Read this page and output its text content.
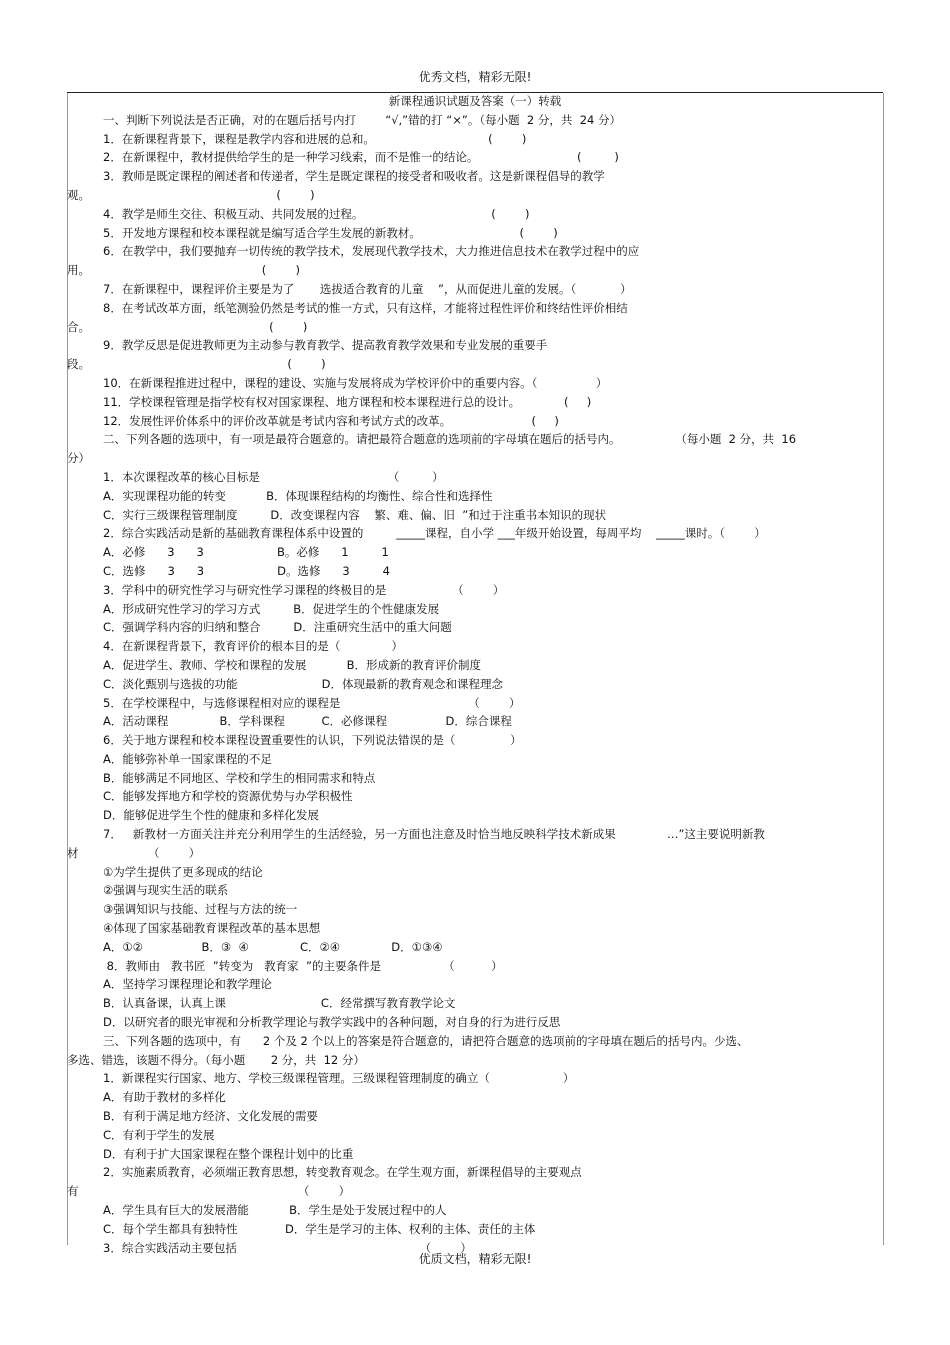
优秀文档，精彩无限!
新课程通识试题及答案（一）转载
一、判断下列说法是否正确，对的在题后括号内打        “√,”错的打 “×”。（每小题  2 分，共  24 分）
1．在新课程背景下，课程是教学内容和进展的总和。                               (        )
2．在新课程中，教材提供给学生的是一种学习线索，而不是惟一的结论。                           (         )
3．教师是既定课程的阐述者和传递者，学生是既定课程的接受者和吸收者。这是新课程倡导的教学
观。                                                   (        )
4．教学是师生交往、积极互动、共同发展的过程。                                   (        )
5．开发地方课程和校本课程就是编写适合学生发展的新教材。                           (        )
6．在教学中，我们要抛弃一切传统的教学技术，发展现代教学技术，大力推进信息技术在教学过程中的应
用。                                               (        )
7．在新课程中，课程评价主要是为了       选拔适合教育的儿童    ”，从而促进儿童的发展。（            ）
8．在考试改革方面，纸笔测验仍然是考试的惟一方式，只有这样，才能将过程性评价和终结性评价相结
合。                                                 (        )
9．教学反思是促进教师更为主动参与教育教学、提高教育教学效果和专业发展的重要手
段。                                                      (        )
10．在新课程推进过程中，课程的建设、实施与发展将成为学校评价中的重要内容。（                ）
11．学校课程管理是指学校有权对国家课程、地方课程和校本课程进行总的设计。            (     )
12．发展性评价体系中的评价改革就是考试内容和考试方式的改革。                      (     )
二、下列各题的选项中，有一项是最符合题意的。请把最符合题意的选项前的字母填在题后的括号内。               （每小题  2 分，共  16
分）
1．本次课程改革的核心目标是                                   （         ）
A．实现课程功能的转变           B．体现课程结构的均衡性、综合性和选择性
C．实行三级课程管理制度         D．改变课程内容    繁、难、偏、旧  ”和过于注重书本知识的现状
2．综合实践活动是新的基础教育课程体系中设置的         _____课程，自小学 ___年级开始设置，每周平均    _____课时。（        ）
A．必修      3      3                    B。必修      1         1
C．选修      3      3                    D。选修      3         4
3．学科中的研究性学习与研究性学习课程的终极目的是                  （        ）
A．形成研究性学习的学习方式         B．促进学生的个性健康发展
C．强调学科内容的归纳和整合         D．注重研究生活中的重大问题
4．在新课程背景下，教育评价的根本目的是（              ）
A．促进学生、教师、学校和课程的发展           B．形成新的教育评价制度
C．淡化甄别与选拔的功能                       D．体现最新的教育观念和课程理念
5．在学校课程中，与选修课程相对应的课程是                                   （        ）
A．活动课程              B．学科课程          C．必修课程                D．综合课程
6．关于地方课程和校本课程设置重要性的认识，下列说法错误的是（               ）
A．能够弥补单一国家课程的不足
B．能够满足不同地区、学校和学生的相同需求和特点
C．能够发挥地方和学校的资源优势与办学积极性
D．能够促进学生个性的健康和多样化发展
7．   新教材一方面关注并充分利用学生的生活经验，另一方面也注意及时恰当地反映科学技术新成果              …”这主要说明新教
材                   （        ）
①为学生提供了更多现成的结论
②强调与现实生活的联系
③强调知识与技能、过程与方法的统一
④体现了国家基础教育课程改革的基本思想
A．①②                B．③  ④              C．②④              D．①③④
8．教师由   教书匠  ”转变为   教育家  ”的主要条件是                 （          ）
A．坚持学习课程理论和教学理论
B．认真备课，认真上课                          C．经常撰写教育教学论文
D．以研究者的眼光审视和分析教学理论与教学实践中的各种问题，对自身的行为进行反思
三、下列各题的选项中，有      2 个及 2 个以上的答案是符合题意的，请把符合题意的选项前的字母填在题后的括号内。少选、
多选、错选，该题不得分。（每小题       2 分，共  12 分）
1．新课程实行国家、地方、学校三级课程管理。三级课程管理制度的确立（                    ）
A．有助于教材的多样化
B．有利于满足地方经济、文化发展的需要
C．有利于学生的发展
D．有利于扩大国家课程在整个课程计划中的比重
2．实施素质教育，必须端正教育思想，转变教育观念。在学生观方面，新课程倡导的主要观点
有                                                            （        ）
A．学生具有巨大的发展潜能           B．学生是处于发展过程中的人
C．每个学生都具有独特性             D．学生是学习的主体、权利的主体、责任的主体
3．综合实践活动主要包括                                                  （        ）
优质文档，精彩无限!
